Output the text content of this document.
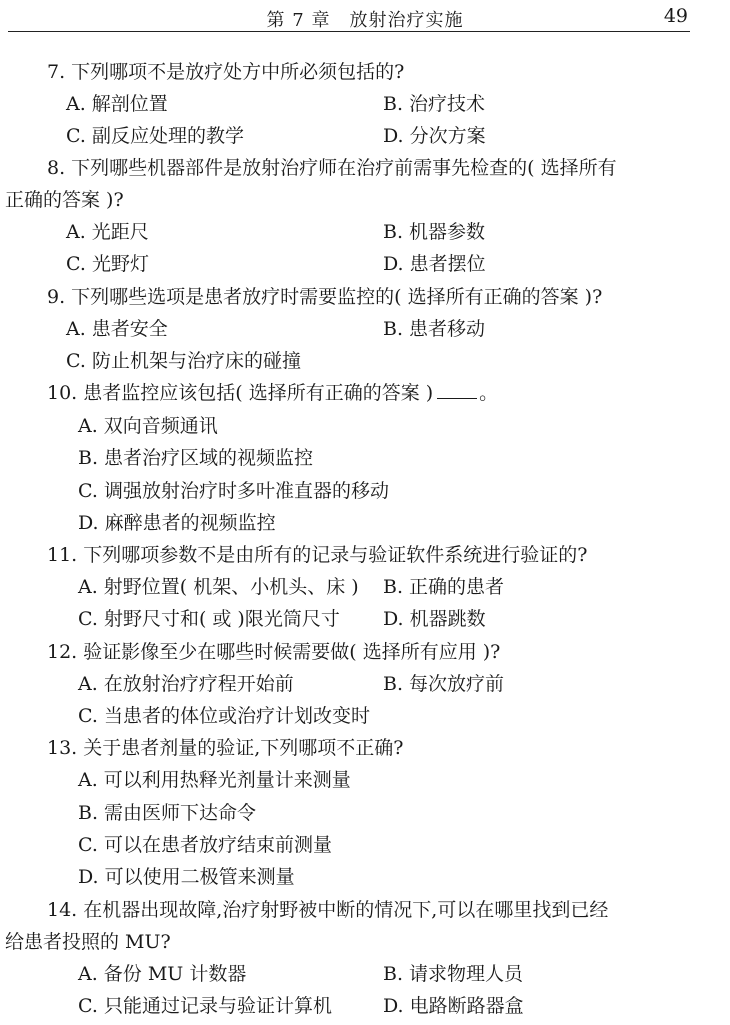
第 7 章　放射治疗实施	49
7. 下列哪项不是放疗处方中所必须包括的?
A. 解剖位置	B. 治疗技术
C. 副反应处理的教学	D. 分次方案
8. 下列哪些机器部件是放射治疗师在治疗前需事先检查的( 选择所有
正确的答案 )?
A. 光距尺	B. 机器参数
C. 光野灯	D. 患者摆位
9. 下列哪些选项是患者放疗时需要监控的( 选择所有正确的答案 )?
A. 患者安全	B. 患者移动
C. 防止机架与治疗床的碰撞
10. 患者监控应该包括( 选择所有正确的答案 ) 。
A. 双向音频通讯
B. 患者治疗区域的视频监控
C. 调强放射治疗时多叶准直器的移动
D. 麻醉患者的视频监控
11. 下列哪项参数不是由所有的记录与验证软件系统进行验证的?
A. 射野位置( 机架、小机头、床 ) B. 正确的患者
C. 射野尺寸和( 或 )限光筒尺寸 D. 机器跳数
12. 验证影像至少在哪些时候需要做( 选择所有应用 )?
A. 在放射治疗疗程开始前	B. 每次放疗前
C. 当患者的体位或治疗计划改变时
13. 关于患者剂量的验证,下列哪项不正确?
A. 可以利用热释光剂量计来测量
B. 需由医师下达命令
C. 可以在患者放疗结束前测量
D. 可以使用二极管来测量
14. 在机器出现故障,治疗射野被中断的情况下,可以在哪里找到已经
给患者投照的 MU?
A. 备份 MU 计数器	B. 请求物理人员
C. 只能通过记录与验证计算机	D. 电路断路器盒
